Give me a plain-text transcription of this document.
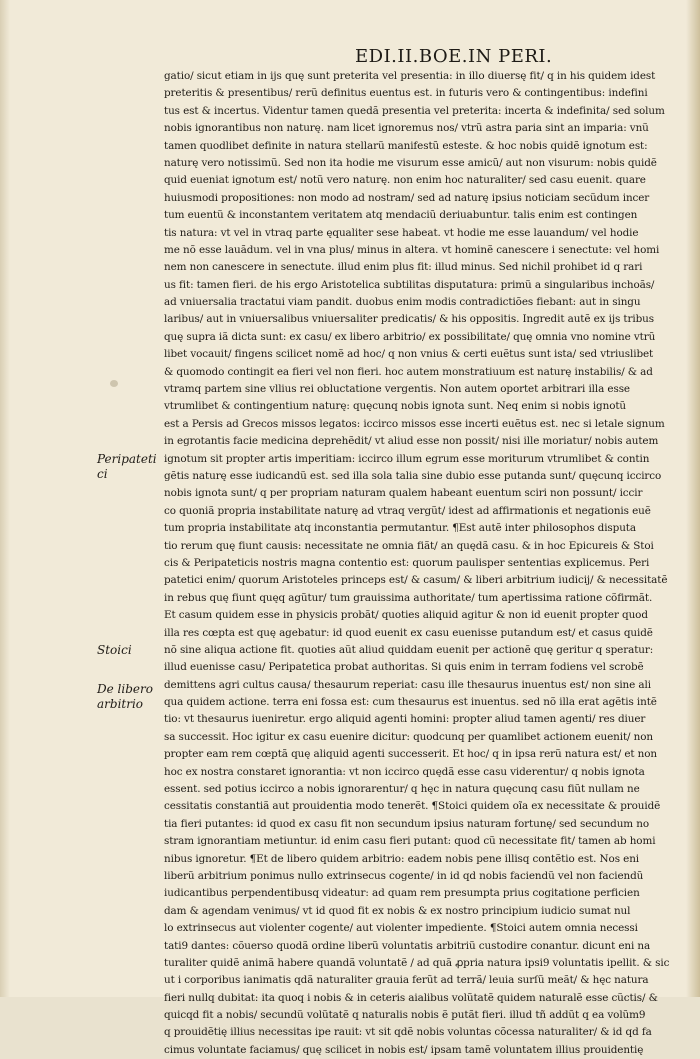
EDI.II.BOE.IN PERI.
Peripateti ci
Stoici
De libero arbitrio
gatio/ sicut etiam in ijs quę sunt preterita vel presentia: in illo diuersę fit/ q in his quidem idest
preteritis & presentibus/ rerũ definitus euentus est. in futuris vero & contingentibus: indefini
tus est & incertus. Videntur tamen quedã presentia vel preterita: incerta & indefinita/ sed solum
nobis ignorantibus non naturę. nam licet ignoremus nos/ vtrũ astra paria sint an imparia: vnũ
tamen quodlibet definite in natura stellarũ manifestũ esteste. & hoc nobis quidẽ ignotum est:
naturę vero notissimũ. Sed non ita hodie me visurum esse amicũ/ aut non visurum: nobis quidẽ
quid eueniat ignotum est/ notũ vero naturę. non enim hoc naturaliter/ sed casu euenit. quare
huiusmodi propositiones: non modo ad nostram/ sed ad naturę ipsius noticiam secũdum incer
tum euentũ & inconstantem veritatem atq mendaciũ deriuabuntur. talis enim est contingen
tis natura: vt vel in vtraq parte ęqualiter sese habeat. vt hodie me esse lauandum/ vel hodie
me nõ esse lauãdum. vel in vna plus/ minus in altera. vt hominẽ canescere i senectute: vel homi
nem non canescere in senectute. illud enim plus fit: illud minus. Sed nichil prohibet id q rari
us fit: tamen fieri. de his ergo Aristotelica subtilitas disputatura: primũ a singularibus inchoãs/
ad vniuersalia tractatui viam pandit. duobus enim modis contradictiões fiebant: aut in singu
laribus/ aut in vniuersalibus vniuersaliter predicatis/ & his oppositis. Ingredit autẽ ex ijs tribus
quę supra iã dicta sunt: ex casu/ ex libero arbitrio/ ex possibilitate/ quę omnia vno nomine vtrũ
libet vocauit/ fingens scilicet nomẽ ad hoc/ q non vnius & certi euẽtus sunt ista/ sed vtriuslibet
& quomodo contingit ea fieri vel non fieri. hoc autem monstratiuum est naturę instabilis/ & ad
vtramq partem sine vllius rei obluctatione vergentis. Non autem oportet arbitrari illa esse
vtrumlibet & contingentium naturę: quęcunq nobis ignota sunt. Neq enim si nobis ignotũ
est a Persis ad Grecos missos legatos: iccirco missos esse incerti euẽtus est. nec si letale signum
in egrotantis facie medicina deprehẽdit/ vt aliud esse non possit/ nisi ille moriatur/ nobis autem
ignotum sit propter artis imperitiam: iccirco illum egrum esse moriturum vtrumlibet & contin
gẽtis naturę esse iudicandũ est. sed illa sola talia sine dubio esse putanda sunt/ quęcunq iccirco
nobis ignota sunt/ q per propriam naturam qualem habeant euentum sciri non possunt/ iccir
co quoniã propria instabilitate naturę ad vtraq vergũt/ idest ad affirmationis et negationis euẽ
tum propria instabilitate atq inconstantia permutantur. ¶Est autẽ inter philosophos disputa
tio rerum quę fiunt causis: necessitate ne omnia fiãt/ an quędã casu. & in hoc Epicureis & Stoi
cis & Peripateticis nostris magna contentio est: quorum paulisper sententias explicemus. Peri
patetici enim/ quorum Aristoteles princeps est/ & casum/ & liberi arbitrium iudicij/ & necessitatẽ
in rebus quę fiunt quęq agũtur/ tum grauissima authoritate/ tum apertissima ratione cõfirmãt.
Et casum quidem esse in physicis probãt/ quoties aliquid agitur & non id euenit propter quod
illa res cœpta est quę agebatur: id quod euenit ex casu euenisse putandum est/ et casus quidẽ
nõ sine aliqua actione fit. quoties aũt aliud quiddam euenit per actionẽ quę geritur q speratur:
illud euenisse casu/ Peripatetica probat authoritas. Si quis enim in terram fodiens vel scrobẽ
demittens agri cultus causa/ thesaurum reperiat: casu ille thesaurus inuentus est/ non sine ali
qua quidem actione. terra eni fossa est: cum thesaurus est inuentus. sed nõ illa erat agẽtis intẽ
tio: vt thesaurus iueniretur. ergo aliquid agenti homini: propter aliud tamen agenti/ res diuer
sa successit. Hoc igitur ex casu euenire dicitur: quodcunq per quamlibet actionem euenit/ non
propter eam rem cœptã quę aliquid agenti successerit. Et hoc/ q in ipsa rerũ natura est/ et non
hoc ex nostra constaret ignorantia: vt non iccirco quędã esse casu viderentur/ q nobis ignota
essent. sed potius iccirco a nobis ignorarentur/ q hęc in natura quęcunq casu fiũt nullam ne
cessitatis constantiã aut prouidentia modo tenerẽt. ¶Stoici quidem oĩa ex necessitate & prouidẽ
tia fieri putantes: id quod ex casu fit non secundum ipsius naturam fortunę/ sed secundum no
stram ignorantiam metiuntur. id enim casu fieri putant: quod cũ necessitate fit/ tamen ab homi
nibus ignoretur. ¶Et de libero quidem arbitrio: eadem nobis pene illisq contẽtio est. Nos eni
liberũ arbitrium ponimus nullo extrinsecus cogente/ in id qd nobis faciendũ vel non faciendũ
iudicantibus perpendentibusq videatur: ad quam rem presumpta prius cogitatione perficien
dam & agendam venimus/ vt id quod fit ex nobis & ex nostro principium iudicio sumat nul
lo extrinsecus aut violenter cogente/ aut violenter impediente. ¶Stoici autem omnia necessi
tati9 dantes: cõuerso quodã ordine liberũ voluntatis arbitriũ custodire conantur. dicunt eni na
turaliter quidẽ animã habere quandã voluntatẽ / ad quã ꝓpria natura ipsi9 voluntatis ipellit. & sic
ut i corporibus ianimatis qdã naturaliter grauia ferũt ad terrã/ leuia surſũ meãt/ & hęc natura
fieri nullq dubitat: ita quoq i nobis & in ceteris aialibus volũtatẽ quidem naturalẽ esse cũctis/ &
quicqd fit a nobis/ secundũ volũtatẽ q naturalis nobis ẽ putãt fieri. illud tñ addũt q ea volũm9
q prouidẽtię illius necessitas ipe rauit: vt sit qdẽ nobis voluntas cõcessa naturaliter/ & id qd fa
cimus voluntate faciamus/ quę scilicet in nobis est/ ipsam tamẽ voluntatem illius prouidentię
